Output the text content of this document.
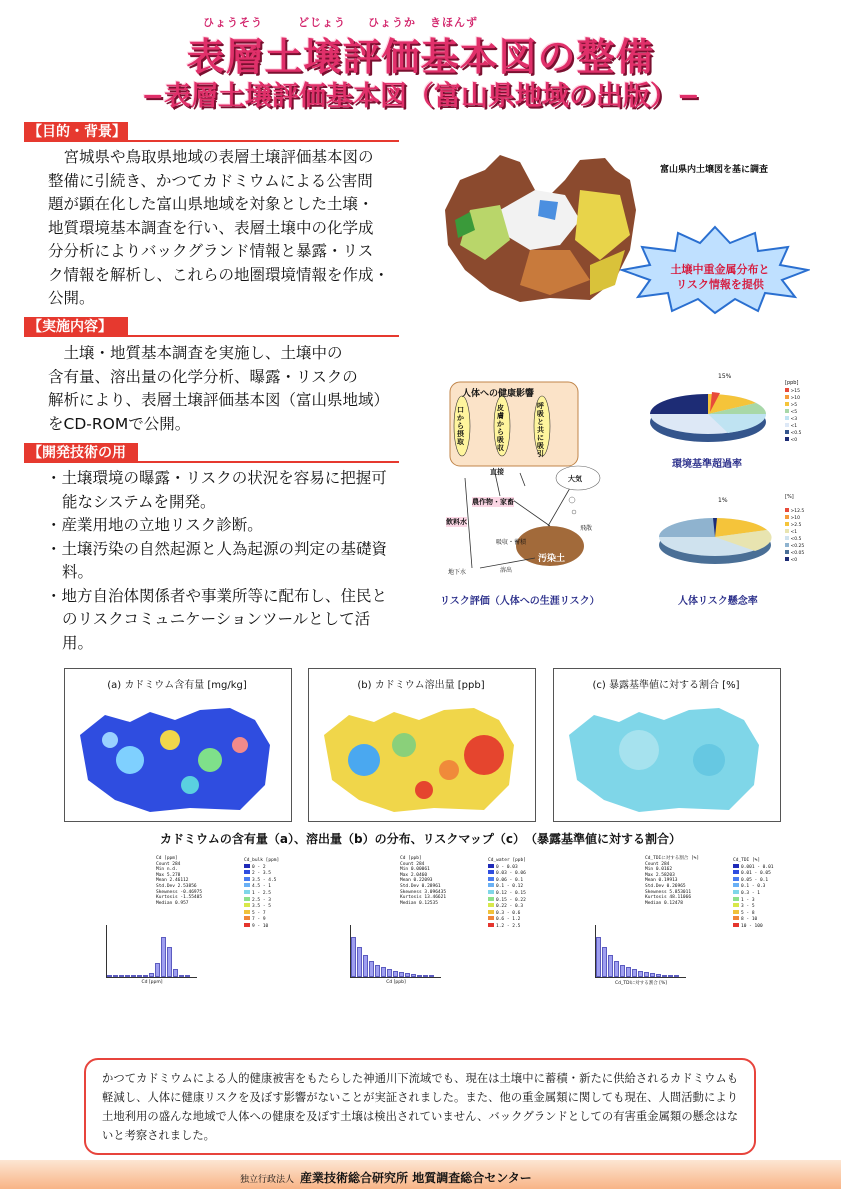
ひょうそう	どじょう ひょうか きほんず
表層土壌評価基本図の整備
−表層土壌評価基本図（富山県地域の出版）−
【目的・背景】

　宮城県や鳥取県地域の表層土壌評価基本図の

整備に引続き、かつてカドミウムによる公害問

題が顕在化した富山県地域を対象とした土壌・

地質環境基本調査を行い、表層土壌中の化学成

分分析によりバックグランド情報と暴露・リス

ク情報を解析し、これらの地圏環境情報を作成・

公開。

【実施内容】

　土壌・地質基本調査を実施し、土壌中の

含有量、溶出量の化学分析、曝露・リスクの

解析により、表層土壌評価基本図（富山県地域）

をCD-ROMで公開。

【開発技術の用途】
・土壌環境の曝露・リスクの状況を容易に把握可能なシステムを開発。
・産業用地の立地リスク診断。
・土壌汚染の自然起源と人為起源の判定の基礎資料。
・地方自治体関係者や事業所等に配布し、住民とのリスクコミュニケーションツールとして活用。
富山県内土壌図を基に調査
土壌中重金属分布と
リスク情報を提供
人体への健康影響
口から摂取
皮膚から吸収
呼吸と共に吸引
直接
大気
農作物・家畜
飲料水
吸収・蓄積
飛散
地下水	溶出
汚染土
リスク評価（人体への生涯リスク）
15%
[ppb]
>15
>10
>5
<5
<3
<1
<0.5
<0
環境基準超過率
1%	[%]
>12.5
>10
>2.5
<1
<0.5
<0.25
<0.05
<0
人体リスク懸念率
(a) カドミウム含有量 [mg/kg]	(b) カドミウム溶出量 [ppb]	(c) 暴露基準値に対する割合 [%]
カドミウムの含有量（a）、溶出量（b）の分布、リスクマップ（c）　（暴露基準値に対する割合）
かつてカドミウムによる人的健康被害をもたらした神通川下流域でも、現在は土壌中に蓄積・新たに供給されるカドミウムも軽減し、人体に健康リスクを及ぼす影響がないことが実証されました。また、他の重金属類に関しても現在、人間活動により土地利用の盛んな地域で人体への健康を及ぼす土壌は検出されていません、バックグランドとしての有害重金属類の懸念はないと考察されました。
独立行政法人 産業技術総合研究所 地質調査総合センター
Cd [ppm]
Count 284
Min n.d.
Max 5.278
Mean 2.46112
Std.Dev 2.53856
Skewness -0.46975
Kurtosis -1.55405
Median 0.957
Cd_bulk [ppm]
0 - 2
2 - 3.5
3.5 - 4.5
4.5 - 1
1 - 2.5
2.5 - 3
3.5 - 5
5 - 7
7 - 9
9 - 10
Cd [ppm]
Cd [ppb]
Count 284
Min 0.00061
Max 2.0460
Mean 0.22093
Std.Dev 0.28961
Skewness 3.096435
Kurtosis 13.46621
Median 0.12535
Cd_water [ppb]
0 - 0.03
0.03 - 0.06
0.06 - 0.1
0.1 - 0.12
0.12 - 0.15
0.15 - 0.22
0.22 - 0.3
0.3 - 0.6
0.6 - 1.2
1.2 - 2.5
Cd [ppb]
Cd_TDIに対する割合 [%]
Count 284
Min 0.0162
Max 2.58203
Mean 0.19913
Std.Dev 0.26965
Skewness 5.853011
Kurtosis 48.11066
Median 0.12478
Cd_TDI [%]
0.001 - 0.01
0.01 - 0.05
0.05 - 0.1
0.1 - 0.3
0.3 - 1
1 - 3
3 - 5
5 - 8
8 - 10
10 - 100
Cd_TDIに対する割合 [%]
